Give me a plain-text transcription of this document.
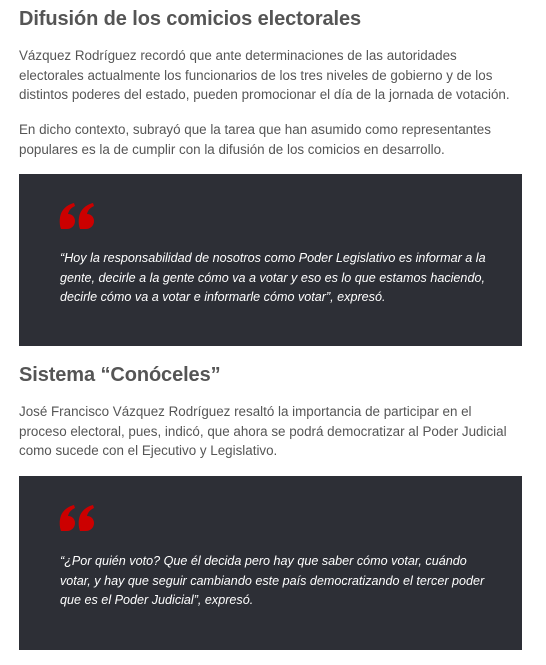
Difusión de los comicios electorales

Vázquez Rodríguez recordó que ante determinaciones de las autoridades electorales actualmente los funcionarios de los tres niveles de gobierno y de los distintos poderes del estado, pueden promocionar el día de la jornada de votación.

En dicho contexto, subrayó que la tarea que han asumido como representantes populares es la de cumplir con la difusión de los comicios en desarrollo.

“Hoy la responsabilidad de nosotros como Poder Legislativo es informar a la gente, decirle a la gente cómo va a votar y eso es lo que estamos haciendo, decirle cómo va a votar e informarle cómo votar”, expresó.

Sistema “Conóceles”

José Francisco Vázquez Rodríguez resaltó la importancia de participar en el proceso electoral, pues, indicó, que ahora se podrá democratizar al Poder Judicial como sucede con el Ejecutivo y Legislativo.

“¿Por quién voto? Que él decida pero hay que saber cómo votar, cuándo votar, y hay que seguir cambiando este país democratizando el tercer poder que es el Poder Judicial”, expresó.
